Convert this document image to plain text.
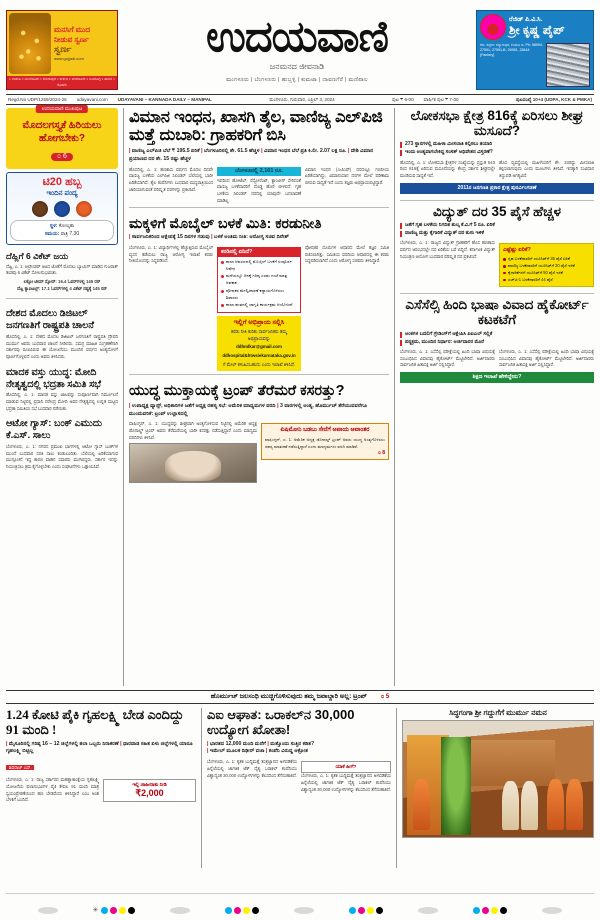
ಮನಸಿಗೆ ಮುದ
ನೀಡುವ ಸ್ವರ್ಣ
ಸ್ವರ್ಣ
www.gujjadi.com
• ಉಡುಪಿ • ಮಂಗಳೂರು • ಕುಂದಾಪುರ • ಕಾರ್ಕಳ • ಬೆಂಗಳೂರು • ಶಿವಮೊಗ್ಗ • ಹಾಸನ • ಕೊಡಗು
ಉದಯವಾಣಿ
ಜನಮನದ ಜೀವನಾಡಿ
ಮಂಗಳೂರು | ಬೆಂಗಳೂರು | ಹುಬ್ಬಳ್ಳಿ | ಕುಮಟಾ | ದಾವಣಗೆರೆ | ಮಣಿಪಾಲ
ರೆಜಿಡ್ ಪಿ.ವಿ.ಸಿ.
ಶ್ರೀ ಕೃಷ್ಣ ಪೈಪ್
ರೆಜಿ. ಕಚ್ಚೇರಿ: ಕಲ್ಯಾಣಪುರ, ಉಡುಪಿ ಜಿ. Ph: 98994-27591, 27591-B, 26981, 28444 (Factory)
Regd.No UDP/1259/2024-26 udayavani.com UDAYAVANI – KANNADA DAILY – MANIPAL	ಮಂಗಳೂರು, ಗುರುವಾರ, ಎಪ್ರಿಲ್ 3, 2024	ಪುಟ ₹ 6-00 ವಾರ್ಷಿಕ ಪುಟ ₹ 7-00	ಪುಟಸಂಖ್ಯೆ 10+4 (UDPA, KCK & PMKA)
ಉದಯವಾಣಿ ಮುಖಪುಟ
ಮೊದಲಗಸ್ತ್ಯಕೆ ಹಿರಿಯಲು ಹೋಗಬೇಕು?
೦ 6
ಟಿ20 ಹಬ್ಬ
ಇಂದಿನ ಪಂದ್ಯ
ಸ್ಥಳ: ಕೋಲ್ಕತಾ
ಸಮಯ: ರಾತ್ರಿ 7.30
ದೆಹ್ಲಿಗೆ 6 ವಿಕೆಟ್ ಜಯ
ದೆಹ್ಲಿ, ಎ. 1: ಆಲ್ರೌಂಡರ್ ಆಟದ ಜೊತೆಗೆ ಮೊದಲು ಬ್ಯಾಟಿಂಗ್ ಮಾಡಿದ ಗುಜರಾತ್ ತಂಡವು 6 ವಿಕೆಟ್ ಸೋಲನುಭವಿಸಿತು.
ಲಕ್ನೋ ಟೀಮ್ ಸ್ಕೋರ್: 16.4 ಓವರ್‌ಗಳಲ್ಲಿ 145 ರನ್
ದೆಹ್ಲಿ ಕ್ಯಾಪಿಟಲ್ಸ್: 17.1 ಓವರ್‌ಗಳಲ್ಲಿ 4 ವಿಕೆಟ್ ನಷ್ಟಕ್ಕೆ 145 ರನ್
ದೇಶದ ಮೊದಲು ಡಿಜಿಟಲ್ ಜನಗಣತಿಗೆ ರಾಷ್ಟ್ರಪತಿ ಚಾಲನೆ
ಹೊಸದಿಲ್ಲಿ, ಎ. 1: ದೇಶದ ಮೊದಲ ಡಿಜಿಟಲ್ ಜನಗಣತಿಗೆ ರಾಷ್ಟ್ರಪತಿ ದ್ರೌಪದಿ ಮುರ್ಮು ಅವರು ಬುಧವಾರ ಚಾಲನೆ ನೀಡಿದರು. ಸಮಗ್ರ ಮಾಹಿತಿ ಸಂಗ್ರಹಣೆಗಾಗಿ ಸರ್ಕಾರವು ರೂಪಿಸಿರುವ ಈ ಯೋಜನೆಯು ಮುಂದಿನ ವರ್ಷದ ಅಂತ್ಯದೊಳಗೆ ಪೂರ್ಣಗೊಳ್ಳಲಿದೆ ಎಂದು ಅವರು ತಿಳಿಸಿದರು.
ಮಾದಕ ವಸ್ತು ಯುದ್ಧ: ಮೋದಿ ನೇತೃತ್ವದಲ್ಲಿ ಭದ್ರತಾ ಸಮಿತಿ ಸಭೆ
ಹೊಸದಿಲ್ಲಿ, ಎ. 1: ಮಾದಕ ವಸ್ತು ಜಾಲವನ್ನು ಸಂಪೂರ್ಣವಾಗಿ ನಿರ್ಮೂಲನೆ ಮಾಡುವ ನಿಟ್ಟಿನಲ್ಲಿ ಪ್ರಧಾನಿ ನರೇಂದ್ರ ಮೋದಿ ಅವರ ನೇತೃತ್ವದಲ್ಲಿ ಉನ್ನತ ಮಟ್ಟದ ಭದ್ರತಾ ಸಮಿತಿಯ ಸಭೆ ಬುಧವಾರ ನಡೆಯಿತು.
ಆಟೋ ಗ್ಯಾಸ್: ಬಂಕ್ ಎಮುದು ಕೆ.ಎಸ್. ಸಾಲು
ಬೆಂಗಳೂರು, ಎ. 1: ನಗರದ ಪ್ರಮುಖ ಭಾಗಗಳಲ್ಲಿ ಆಟೋ ಗ್ಯಾಸ್ ಬಂಕ್‌ಗಳ ಮುಂದೆ ಬುಧವಾರ ಸರತಿ ಸಾಲು ಕಂಡುಬಂದಿತು. ಬೆಲೆಯಲ್ಲಿ ಏರಿಕೆಯಾಗುವ ಮುನ್ಸೂಚನೆ ಇದ್ದ ಕಾರಣ ವಾಹನ ಸವಾರರು ಮುಗಿಬಿದ್ದರು. ಸರ್ಕಾರ ಇದನ್ನು ನಿಯಂತ್ರಿಸಲು ಕ್ರಮ ಕೈಗೊಳ್ಳಬೇಕು ಎಂದು ಸಂಘಟನೆಗಳು ಒತ್ತಾಯಿಸಿವೆ.
ವಿಮಾನ ಇಂಧನ, ಖಾಸಗಿ ತೈಲ, ವಾಣಿಜ್ಯ ಎಲ್‌ಪಿಜಿ ಮತ್ತೆ ದುಬಾರಿ: ಗ್ರಾಹಕರಿಗೆ ಬಿಸಿ
| ವಾಣಿಜ್ಯ ಎಲ್‌ಪಿಜಿ ಬೆಲೆ ₹ 195.5 ಏರಿಕೆ | ಬೆಂಗಳೂರಿನಲ್ಲಿ ಶೇ. 61.5 ಹೆಚ್ಚಳ | ವಿಮಾನ ಇಂಧನ ಬೆಲೆ ಪ್ರತಿ ಕಿ.ಲೀ. 2.07 ಲಕ್ಷ ರೂ. | ದೇಶಿ ವಿಮಾನ ಪ್ರಯಾಣದ ದರ ಶೇ. 15 ರಷ್ಟು ಹೆಚ್ಚಳ
ಹೊಸದಿಲ್ಲಿ, ಎ. 1: ಹಣಕಾಸು ವರ್ಷದ ಮೊದಲ ದಿನವೇ ವಾಣಿಜ್ಯ ಬಳಕೆಯ ಎಲ್‌ಪಿಜಿ ಸಿಲಿಂಡರ್ ಬೆಲೆಯಲ್ಲಿ ಭಾರೀ ಏರಿಕೆಯಾಗಿದೆ. ತೈಲ ಕಂಪೆನಿಗಳು ಬುಧವಾರ ಮಧ್ಯರಾತ್ರಿಯಿಂದ ಜಾರಿಯಾಗುವಂತೆ ಪರಿಷ್ಕೃತ ದರಗಳನ್ನು ಪ್ರಕಟಿಸಿವೆ.
ಬೆಂಗಳೂರಲ್ಲಿ 2,161 ರೂ.
ಇದರಿಂದ ಹೋಟೆಲ್, ರೆಸ್ಟೋರೆಂಟ್, ಕ್ಯಾಂಟೀನ್ ಸೇರಿದಂತೆ ವಾಣಿಜ್ಯ ಬಳಕೆದಾರರಿಗೆ ದೊಡ್ಡ ಹೊರೆ ಬೀಳಲಿದೆ. ಗೃಹ ಬಳಕೆಯ ಸಿಲಿಂಡರ್ ದರದಲ್ಲಿ ಯಾವುದೇ ಬದಲಾವಣೆ ಮಾಡಿಲ್ಲ.
ವಿಮಾನ ಇಂಧನ (ಎಟಿಎಫ್) ದರದಲ್ಲೂ ಗಣನೀಯ ಏರಿಕೆಯಾಗಿದ್ದು, ವಿಮಾನಯಾನ ದರಗಳ ಮೇಲೆ ಪರಿಣಾಮ ಬೀರುವ ಸಾಧ್ಯತೆ ಇದೆ ಎಂದು ತಜ್ಞರು ಅಭಿಪ್ರಾಯಪಟ್ಟಿದ್ದಾರೆ.
ಮಕ್ಕಳಿಗೆ ಮೊಬೈಲ್ ಬಳಕೆ ಮಿತಿ: ಕರಡುನೀತಿ
| ಸಾರ್ವಜನಿಕರಿಂದ ಆಕ್ಷೇಪಕ್ಕೆ 15 ದಿನಗಳ ಗಡುವು | ಬಳಕೆ ಅಂತಿಮ ನೀತಿ: ಆರೋಗ್ಯ ಸಚಿವ ದಿನೇಶ್
ಬೆಂಗಳೂರು, ಎ. 1: ವಿದ್ಯಾರ್ಥಿಗಳಲ್ಲಿ ಹೆಚ್ಚುತ್ತಿರುವ ಮೊಬೈಲ್ ವ್ಯಸನ ತಡೆಯಲು ರಾಜ್ಯ ಆರೋಗ್ಯ ಇಲಾಖೆ ಕರಡು ನೀತಿಯೊಂದನ್ನು ಸಿದ್ಧಪಡಿಸಿದೆ.
ಕರಡಿನಲ್ಲಿ ಏನಿದೆ?
ಶಾಲಾ ಆವರಣದಲ್ಲಿ ಮೊಬೈಲ್ ಬಳಕೆಗೆ ಸಂಪೂರ್ಣ ನಿಷೇಧ
ಮನೆಯಲ್ಲೂ ದಿನಕ್ಕೆ ಗರಿಷ್ಠ ಎರಡು ಗಂಟೆ ಮಾತ್ರ ಅವಕಾಶ
ಪೋಷಕರ ಮೇಲ್ವಿಚಾರಣೆ ಕಡ್ಡಾಯಗೊಳಿಸಲು ಶಿಫಾರಸು
ಶಾಲಾ ಹಂತದಲ್ಲಿ ಜಾಗೃತಿ ಕಾರ್ಯಕ್ರಮ ಆಯೋಜನೆ
ಇಲ್ಲಿಗೆ ಅಭಿಪ್ರಾಯ ಸಲ್ಲಿಸಿ
ಕರಡು ನೀತಿ ಕುರಿತು ಸಾರ್ವಜನಿಕರು ತಮ್ಮ ಅಭಿಪ್ರಾಯವನ್ನು
ddhmlkar@gmail.com
ddhospital&htwsiekarnataka.gov.in
ಗೆ ಮೇಲ್ ಕಳುಹಿಸಬಹುದು ಎಂದು ಇಲಾಖೆ ತಿಳಿಸಿದೆ.
ಪೋಷಕರ ದೂರುಗಳ ಆಧಾರದ ಮೇಲೆ ತಜ್ಞರ ಸಮಿತಿ ರಚಿಸಲಾಗಿತ್ತು. ಸಮಿತಿಯ ವರದಿಯ ಆಧಾರದಲ್ಲಿ ಈ ಕರಡು ಸಿದ್ಧಪಡಿಸಲಾಗಿದೆ ಎಂದು ಆರೋಗ್ಯ ಸಚಿವರು ತಿಳಿಸಿದ್ದಾರೆ.
ಯುದ್ಧ ಮುಕ್ತಾಯಕ್ಕೆ ಟ್ರಂಪ್ ತೆರೆಮರೆ ಕಸರತ್ತು?
| ಉಪಾಧ್ಯಕ್ಷ ವ್ಯಾನ್ಸ್, ಅಧಿಕಾರಿಗಳ ಜತೆಗೆ ಅಧ್ಯಕ್ಷ ರಹಸ್ಯ ಸಭೆ: ಅಮೆರಿಕ ಮಾಧ್ಯಮಗಳ ವರದಿ | 3 ವಾರಗಳಲ್ಲಿ ಅಂತ್ಯ, ಹೊರ್ಮುಚ್ ತೆರೆಯುವವರೆಗೂ ಮುಂದುವರಿಕೆ: ಟ್ರಂಪ್ ಉಲ್ಲಾಸದಲ್ಲಿ
ವಾಷಿಂಗ್ಟನ್, ಎ. 1: ಯುದ್ಧವನ್ನು ಶೀಘ್ರವಾಗಿ ಅಂತ್ಯಗೊಳಿಸುವ ನಿಟ್ಟಿನಲ್ಲಿ ಅಮೆರಿಕ ಅಧ್ಯಕ್ಷ ಡೊನಾಲ್ಡ್ ಟ್ರಂಪ್ ಅವರು ತೆರೆಮರೆಯಲ್ಲಿ ಭಾರೀ ಕಸರತ್ತು ನಡೆಸುತ್ತಿದ್ದಾರೆ ಎಂದು ಮಾಧ್ಯಮ ವರದಿಗಳು ತಿಳಿಸಿವೆ.
ಏಷಿಮೋನಿ ಬಡಬು ಸೇನೆಗೆ ಅಪಾಯ ಆವಾಂತರ
ವಾಷಿಂಗ್ಟನ್, ಎ. 1: ಅಮೆರಿಕ ಅಧ್ಯಕ್ಷ ಡೊನಾಲ್ಡ್ ಟ್ರಂಪ್ ಅವರು ಯುದ್ಧ ಅಂತ್ಯಗೊಳಿಸಲು ರಹಸ್ಯ ಮಾತುಕತೆ ನಡೆಸುತ್ತಿದ್ದಾರೆ ಎಂದು ಮಾಧ್ಯಮಗಳು ವರದಿ ಮಾಡಿವೆ.
೦ 8
ಲೋಕಸಭಾ ಕ್ಷೇತ್ರ 816ಕ್ಕೆ ಏರಿಸಲು ಶೀಘ್ರ ಮಸೂದೆ?
273 ಸ್ಥಾನಗಳಲ್ಲಿ ಮಹಿಳಾ ಮೀಸಲಾತಿ ಕಲ್ಪಿಸಲು ತಯಾರಿ
ಇಂದು ಅಂತ್ಯವಾಗಬೇಕಿದ್ದ ಸಂಸತ್ ಅಧಿವೇಶನ ವಿಸ್ತರಣೆ?
ಹೊಸದಿಲ್ಲಿ, ಎ. 1: ಲೋಕಸಭಾ ಕ್ಷೇತ್ರಗಳ ಸಂಖ್ಯೆಯನ್ನು ಪ್ರಸ್ತುತ 543 ರಿಂದ 816ಕ್ಕೆ ಏರಿಸುವ ಮಸೂದೆಯನ್ನು ಕೇಂದ್ರ ಸರ್ಕಾರ ಶೀಘ್ರದಲ್ಲೇ ಮಂಡಿಸುವ ಸಾಧ್ಯತೆ ಇದೆ.
ಹೊಸ ವ್ಯವಸ್ಥೆಯಲ್ಲಿ ಮಹಿಳೆಯರಿಗೆ ಶೇ. 33ರಷ್ಟು ಮೀಸಲಾತಿ ಕಲ್ಪಿಸಲಾಗುವುದು ಎಂದು ಮೂಲಗಳು ತಿಳಿಸಿವೆ. ಇದಕ್ಕಾಗಿ ಸಂವಿಧಾನ ತಿದ್ದುಪಡಿ ಅಗತ್ಯವಿದೆ.
2011ರ ಜನಗಣತಿ ಪ್ರಕಾರ ಕ್ಷೇತ್ರ ಪುನರ್ವಿಂಗಡಣೆ
ವಿದ್ಯುತ್ ದರ 35 ಪೈಸೆ ಹೆಚ್ಚಳ
ಜತೆಗೆ ಗೃಹ ಬಳಕೆಯ ನಿಗದಿತ ಶುಲ್ಕ ಕೆ.ವಿ.ಗೆ 5 ರೂ. ಏರಿಕೆ
ವಾಣಿಜ್ಯ ಮತ್ತು ಕೈಗಾರಿಕೆ ವಿದ್ಯುತ್ ದರ ತುಸು ಇಳಿಕೆ
ಬೆಂಗಳೂರು, ಎ. 1: ರಾಜ್ಯದ ವಿದ್ಯುತ್ ಗ್ರಾಹಕರಿಗೆ ಹೊಸ ಹಣಕಾಸು ವರ್ಷದ ಆರಂಭದಲ್ಲೇ ದರ ಏರಿಕೆಯ ಬರೆ ಬಿದ್ದಿದೆ. ಕರ್ನಾಟಕ ವಿದ್ಯುತ್ ನಿಯಂತ್ರಣ ಆಯೋಗ ಬುಧವಾರ ಪರಿಷ್ಕೃತ ದರ ಪ್ರಕಟಿಸಿದೆ.
ಎಷ್ಟೆಷ್ಟು ಏರಿಕೆ?
ಗೃಹ ಬಳಕೆದಾರರಿಗೆ ಯೂನಿಟ್‌ಗೆ 35 ಪೈಸೆ ಏರಿಕೆ
ವಾಣಿಜ್ಯ ಬಳಕೆದಾರರಿಗೆ ಯೂನಿಟ್‌ಗೆ 20 ಪೈಸೆ ಇಳಿಕೆ
ಕೈಗಾರಿಕೆಗಳಿಗೆ ಯೂನಿಟ್‌ಗೆ 50 ಪೈಸೆ ಇಳಿಕೆ
ಎಚ್‌ಟಿ-1 ಬಳಕೆದಾರರಿಗೆ 44 ಪೈಸೆ
ಎಸೆಸೆಲ್ಸಿ ಹಿಂದಿ ಭಾಷಾ ವಿವಾದ ಹೈಕೋರ್ಟ್ ಕಟಕಟೆಗೆ
ಅಂಕಗಳ ಬದಲಿಗೆ ಗ್ರೇಡಿಂಗ್‌ಗೆ ಆಕ್ಷೇಪಿಸಿ ಪಿಐಎಲ್ ಸಲ್ಲಿಕೆ
ಪಠ್ಯಕ್ರಮ, ಮುಂದಿನ ನಿರ್ಧಾರ: ಅರ್ಜಿದಾರರ ಮೊರೆ
ಬೆಂಗಳೂರು, ಎ. 1: ಎಸೆಸೆಲ್ಸಿ ಪರೀಕ್ಷೆಯಲ್ಲಿ ಹಿಂದಿ ಭಾಷಾ ವಿಷಯಕ್ಕೆ ಸಂಬಂಧಿಸಿದ ವಿವಾದವು ಹೈಕೋರ್ಟ್ ಮೆಟ್ಟಿಲೇರಿದೆ. ಅರ್ಜಿದಾರರು ಸಾರ್ವಜನಿಕ ಹಿತಾಸಕ್ತಿ ಅರ್ಜಿ ಸಲ್ಲಿಸಿದ್ದಾರೆ.
ಬೆಂಗಳೂರು, ಎ. 1: ಎಸೆಸೆಲ್ಸಿ ಪರೀಕ್ಷೆಯಲ್ಲಿ ಹಿಂದಿ ಭಾಷಾ ವಿಷಯಕ್ಕೆ ಸಂಬಂಧಿಸಿದ ವಿವಾದವು ಹೈಕೋರ್ಟ್ ಮೆಟ್ಟಿಲೇರಿದೆ. ಅರ್ಜಿದಾರರು ಸಾರ್ವಜನಿಕ ಹಿತಾಸಕ್ತಿ ಅರ್ಜಿ ಸಲ್ಲಿಸಿದ್ದಾರೆ.
ಶಿಕ್ಷಣ ಇಲಾಖೆ ಹೇಳಿದ್ದೇನು?
ಹೊರ್ಮುಚ್ ಜಲಸಂಧಿ ಮುಚ್ಚಿಗೊಳಿಸುವುದು ತಮ್ಮ ಜವಾಬ್ದಾರಿ ಅಲ್ಲ: ಟ್ರಂಪ್ ೦ 5
1.24 ಕೋಟಿ ಪೈಕಿ ಗೃಹಲಕ್ಷ್ಮಿ ಬೇಡ ಎಂದಿದ್ದು 91 ಮಂದಿ !
| ಮೈಸೂರಿನಲ್ಲಿ ಗರಿಷ್ಠ 16 – 12 ಜಿಲ್ಲೆಗಳಲ್ಲಿ ತಲಾ ಒಬ್ಬರು ನಿರಾಕರಣೆ | ಧಾರವಾಡ ಸಹಿತ ಏಳು ಜಿಲ್ಲೆಗಳಲ್ಲಿ ಯಾರೂ ಗೃಹಲಕ್ಷ್ಮಿ ಬಿಟ್ಟಿಲ್ಲ
ಶಿವರಾಜ್ ಎಸ್.
ಬೆಂಗಳೂರು, ಎ. 1: ರಾಜ್ಯ ಸರ್ಕಾರದ ಮಹತ್ವಾಕಾಂಕ್ಷೆಯ ಗೃಹಲಕ್ಷ್ಮಿ ಯೋಜನೆಯ ಫಲಾನುಭವಿಗಳ ಪೈಕಿ ಕೇವಲ 91 ಮಂದಿ ಮಾತ್ರ ಸ್ವಯಂಪ್ರೇರಣೆಯಿಂದ ಹಣ ಬೇಡವೆಂದು ತಿಳಿಸಿದ್ದಾರೆ ಎಂಬ ಅಂಶ ಬೆಳಕಿಗೆ ಬಂದಿದೆ.
ಇಲ್ಲಿ ಜಾಹೀರಾತು ನೀಡಿ
₹2,000
ಎಐ ಆಘಾತ: ಒರಾಕಲ್‌ನ 30,000 ಉದ್ಯೋಗ ಖೋತಾ!
| ಭಾರತದ 12,000 ಮಂದಿ ಮನೆಗೆ | ಮತ್ತೊಂದು ಸುತ್ತಿನ ಕಡಿತ?
| ಇಮೇಲ್ ಮೂಲಕ ದಿಢೀರ್ ವಜಾ | ಕಂಪೆನಿ ವಿರುದ್ಧ ಆಕ್ರೋಶ
ಬೆಂಗಳೂರು, ಎ. 1: ಕೃತಕ ಬುದ್ಧಿಮತ್ತೆ ತಂತ್ರಜ್ಞಾನದ ಅಳವಡಿಕೆಯ ಹಿನ್ನೆಲೆಯಲ್ಲಿ ಜಾಗತಿಕ ಟೆಕ್ ದೈತ್ಯ ಒರಾಕಲ್ ಕಂಪೆನಿಯು ವಿಶ್ವಾದ್ಯಂತ 30,000 ಉದ್ಯೋಗಿಗಳನ್ನು ಕೆಲಸದಿಂದ ತೆಗೆದುಹಾಕಿದೆ.
ಯಾಕೆ ಹೀಗೆ?
ಬೆಂಗಳೂರು, ಎ. 1: ಕೃತಕ ಬುದ್ಧಿಮತ್ತೆ ತಂತ್ರಜ್ಞಾನದ ಅಳವಡಿಕೆಯ ಹಿನ್ನೆಲೆಯಲ್ಲಿ ಜಾಗತಿಕ ಟೆಕ್ ದೈತ್ಯ ಒರಾಕಲ್ ಕಂಪೆನಿಯು ವಿಶ್ವಾದ್ಯಂತ 30,000 ಉದ್ಯೋಗಿಗಳನ್ನು ಕೆಲಸದಿಂದ ತೆಗೆದುಹಾಕಿದೆ.
ಸಿದ್ಧಗಂಗಾ ಶ್ರೀ ಗದ್ದುಗೆಗೆ ಮುರ್ಮು ನಮನ
✳
